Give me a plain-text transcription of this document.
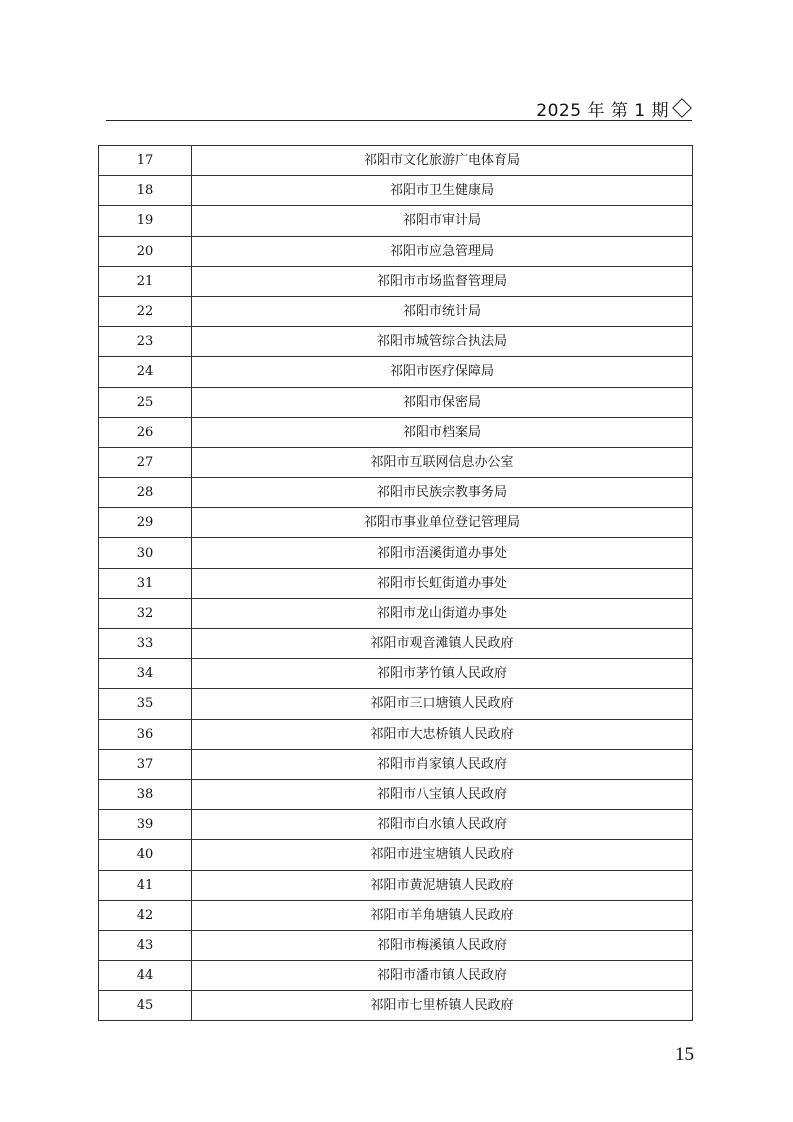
2025 年 第 1 期
17	祁阳市文化旅游广电体育局
18	祁阳市卫生健康局
19	祁阳市审计局
20	祁阳市应急管理局
21	祁阳市市场监督管理局
22	祁阳市统计局
23	祁阳市城管综合执法局
24	祁阳市医疗保障局
25	祁阳市保密局
26	祁阳市档案局
27	祁阳市互联网信息办公室
28	祁阳市民族宗教事务局
29	祁阳市事业单位登记管理局
30	祁阳市浯溪街道办事处
31	祁阳市长虹街道办事处
32	祁阳市龙山街道办事处
33	祁阳市观音滩镇人民政府
34	祁阳市茅竹镇人民政府
35	祁阳市三口塘镇人民政府
36	祁阳市大忠桥镇人民政府
37	祁阳市肖家镇人民政府
38	祁阳市八宝镇人民政府
39	祁阳市白水镇人民政府
40	祁阳市进宝塘镇人民政府
41	祁阳市黄泥塘镇人民政府
42	祁阳市羊角塘镇人民政府
43	祁阳市梅溪镇人民政府
44	祁阳市潘市镇人民政府
45	祁阳市七里桥镇人民政府
15
